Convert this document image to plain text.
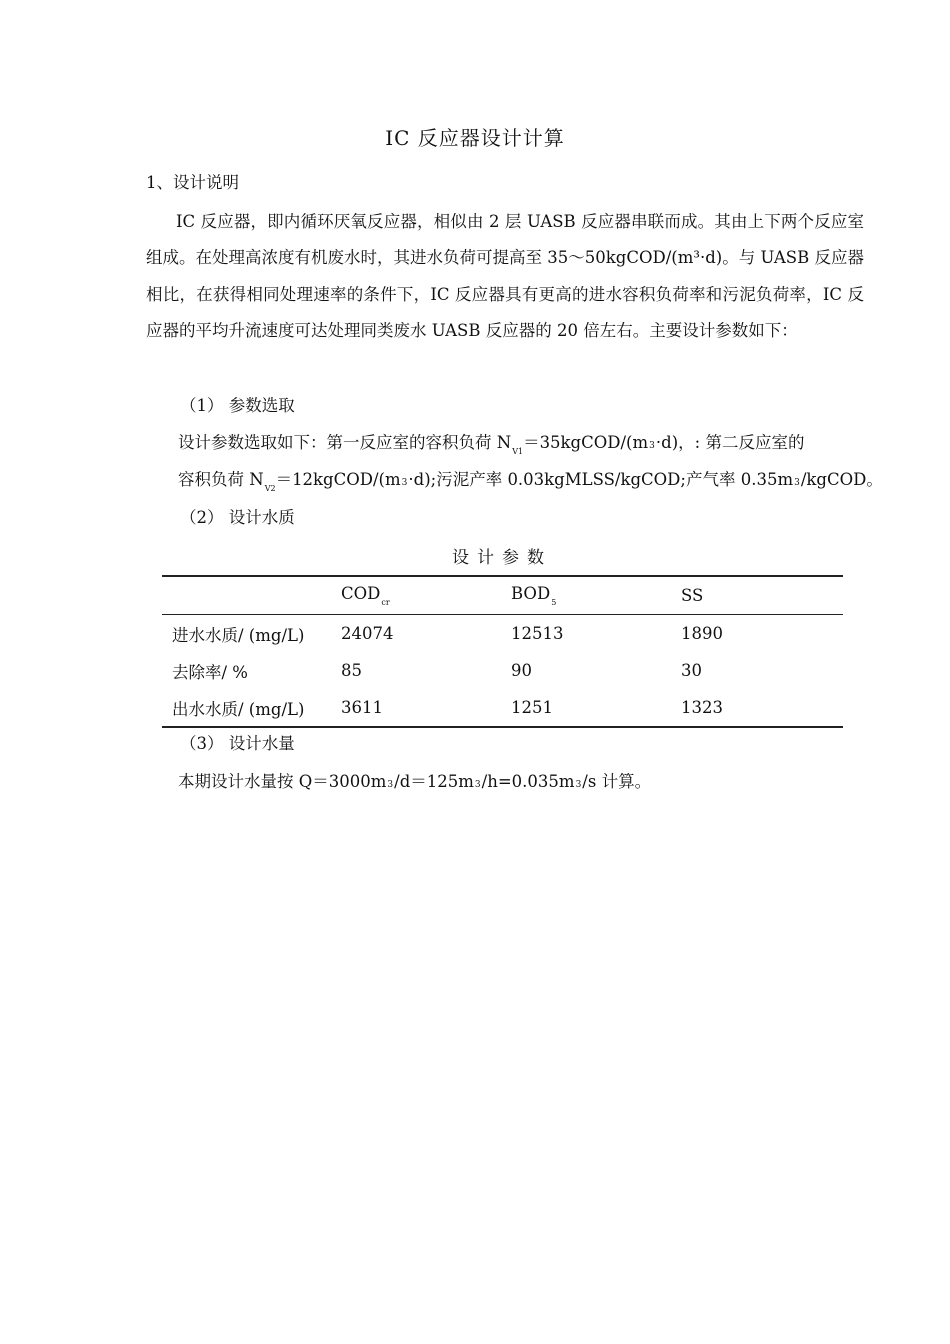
IC 反应器设计计算
1、设计说明
IC 反应器，即内循环厌氧反应器，相似由 2 层 UASB 反应器串联而成。其由上下两个反应室组成。在处理高浓度有机废水时，其进水负荷可提高至 35～50kgCOD/(m³·d)。与 UASB 反应器相比，在获得相同处理速率的条件下，IC 反应器具有更高的进水容积负荷率和污泥负荷率，IC 反应器的平均升流速度可达处理同类废水 UASB 反应器的 20 倍左右。主要设计参数如下：
（1） 参数选取
设计参数选取如下：第一反应室的容积负荷 $N_{V1}=35kgCOD/(m3\cdot d)$，: 第二反应室的
容积负荷 $N_{V2}=12kgCOD/(m3\cdot d)$;污泥产率 0.03kgMLSS/kgCOD;产气率 0.35m3/kgCOD。
（2） 设计水质
设计参数
	$COD_{cr}$	$BOD_5$	SS
进水水质/ (mg/L)	24074	12513	1890
去除率/ %	85	90	30
出水水质/ (mg/L)	3611	1251	1323
（3） 设计水量
本期设计水量按 Q＝3000m3/d＝125m3/h=0.035m3/s 计算。
